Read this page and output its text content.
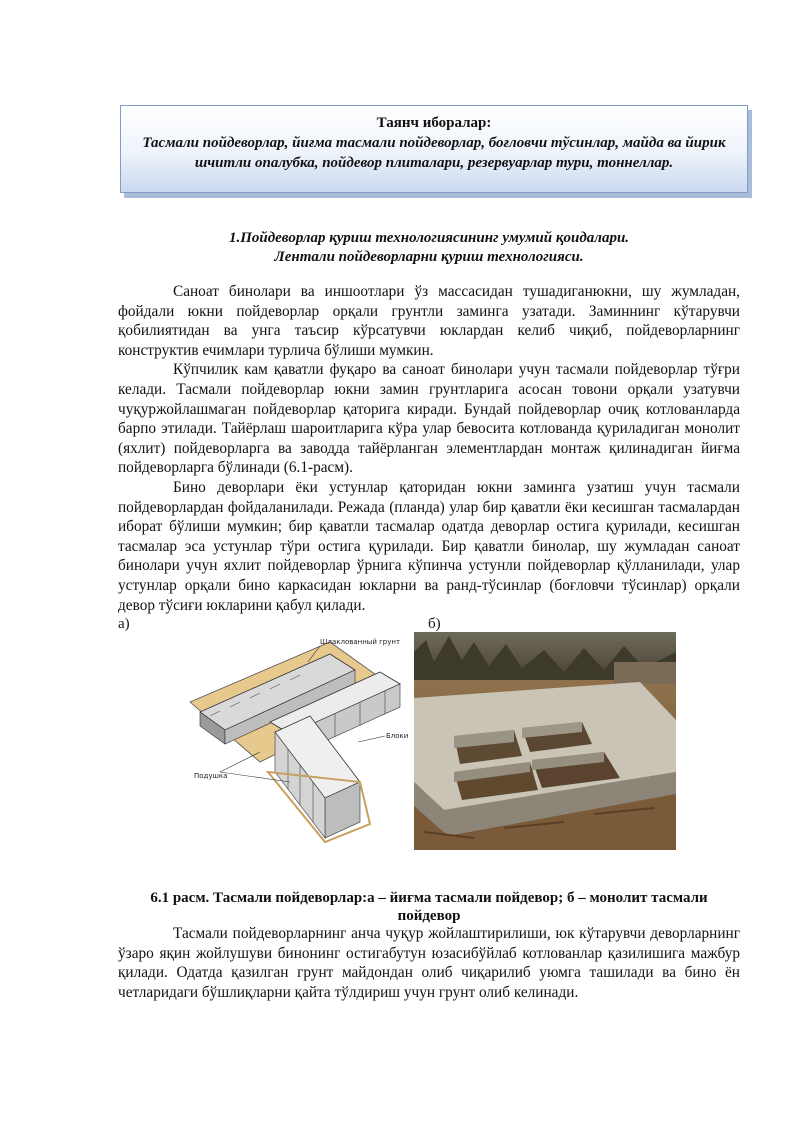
Таянч иборалар:
Тасмали пойдеворлар, йиғма тасмали пойдеворлар, боғловчи тўсинлар, майда ва йирик шчитли опалубка, пойдевор плиталари, резервуарлар тури, тоннеллар.
1.Пойдеворлар қуриш технологиясининг умумий қоидалари.
Лентали пойдеворларни қуриш технологияси.

Саноат бинолари ва иншоотлари ўз массасидан тушадиганюкни, шу жумладан, фойдали юкни пойдеворлар орқали грунтли заминга узатади. Заминнинг кўтарувчи қобилиятидан ва унга таъсир кўрсатувчи юклардан келиб чиқиб, пойдеворларнинг конструктив ечимлари турлича бўлиши мумкин.

Кўпчилик кам қаватли фуқаро ва саноат бинолари учун тасмали пойдеворлар тўғри келади. Тасмали пойдеворлар юкни замин грунтларига асосан товони орқали узатувчи чуқуржойлашмаган пойдеворлар қаторига киради. Бундай пойдеворлар очиқ котлованларда барпо этилади. Тайёрлаш шароитларига кўра улар бевосита котлованда қуриладиган монолит (яхлит) пойдеворларга ва заводда тайёрланган элементлардан монтаж қилинадиган йиғма пойдеворларга бўлинади (6.1-расм).

Бино деворлари ёки устунлар қаторидан юкни заминга узатиш учун тасмали пойдеворлардан фойдаланилади. Режада (планда) улар бир қаватли ёки кесишган тасмалардан иборат бўлиши мумкин; бир қаватли тасмалар одатда деворлар остига қурилади, кесишган тасмалар эса устунлар тўри остига қурилади. Бир қаватли бинолар, шу жумладан саноат бинолари учун яхлит пойдеворлар ўрнига кўпинча устунли пойдеворлар қўлланилади, улар устунлар орқали бино каркасидан юкларни ва ранд-тўсинлар (боғловчи тўсинлар) орқали девор тўсиғи юкларини қабул қилади.

а)	б)
Шлаклованный грунт
Блоки
Подушка
6.1 расм. Тасмали пойдеворлар:а – йиғма тасмали пойдевор; б – монолит тасмали
пойдевор

Тасмали пойдеворларнинг анча чуқур жойлаштирилиши, юк кўтарувчи деворларнинг ўзаро яқин жойлушуви бинонинг остигабутун юзасибўйлаб котлованлар қазилишига мажбур қилади. Одатда қазилган грунт майдондан олиб чиқарилиб уюмга ташилади ва бино ён четларидаги бўшлиқларни қайта тўлдириш учун грунт олиб келинади.
